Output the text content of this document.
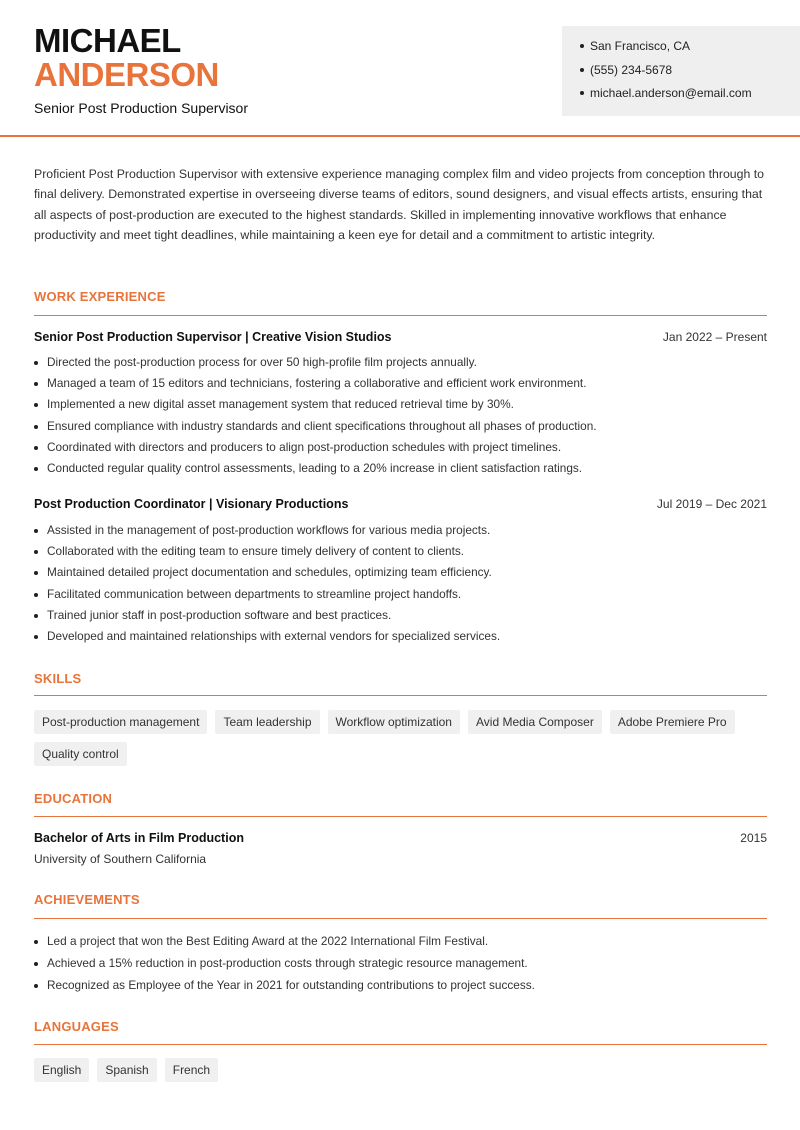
MICHAEL
ANDERSON
Senior Post Production Supervisor
San Francisco, CA
(555) 234-5678
michael.anderson@email.com
Proficient Post Production Supervisor with extensive experience managing complex film and video projects from conception through to final delivery. Demonstrated expertise in overseeing diverse teams of editors, sound designers, and visual effects artists, ensuring that all aspects of post-production are executed to the highest standards. Skilled in implementing innovative workflows that enhance productivity and meet tight deadlines, while maintaining a keen eye for detail and a commitment to artistic integrity.
WORK EXPERIENCE
Senior Post Production Supervisor | Creative Vision Studios	Jan 2022 – Present
Directed the post-production process for over 50 high-profile film projects annually.
Managed a team of 15 editors and technicians, fostering a collaborative and efficient work environment.
Implemented a new digital asset management system that reduced retrieval time by 30%.
Ensured compliance with industry standards and client specifications throughout all phases of production.
Coordinated with directors and producers to align post-production schedules with project timelines.
Conducted regular quality control assessments, leading to a 20% increase in client satisfaction ratings.
Post Production Coordinator | Visionary Productions	Jul 2019 – Dec 2021
Assisted in the management of post-production workflows for various media projects.
Collaborated with the editing team to ensure timely delivery of content to clients.
Maintained detailed project documentation and schedules, optimizing team efficiency.
Facilitated communication between departments to streamline project handoffs.
Trained junior staff in post-production software and best practices.
Developed and maintained relationships with external vendors for specialized services.
SKILLS
Post-production management	Team leadership	Workflow optimization	Avid Media Composer	Adobe Premiere Pro
Quality control
EDUCATION
Bachelor of Arts in Film Production	2015
University of Southern California
ACHIEVEMENTS
Led a project that won the Best Editing Award at the 2022 International Film Festival.
Achieved a 15% reduction in post-production costs through strategic resource management.
Recognized as Employee of the Year in 2021 for outstanding contributions to project success.
LANGUAGES
English	Spanish	French
